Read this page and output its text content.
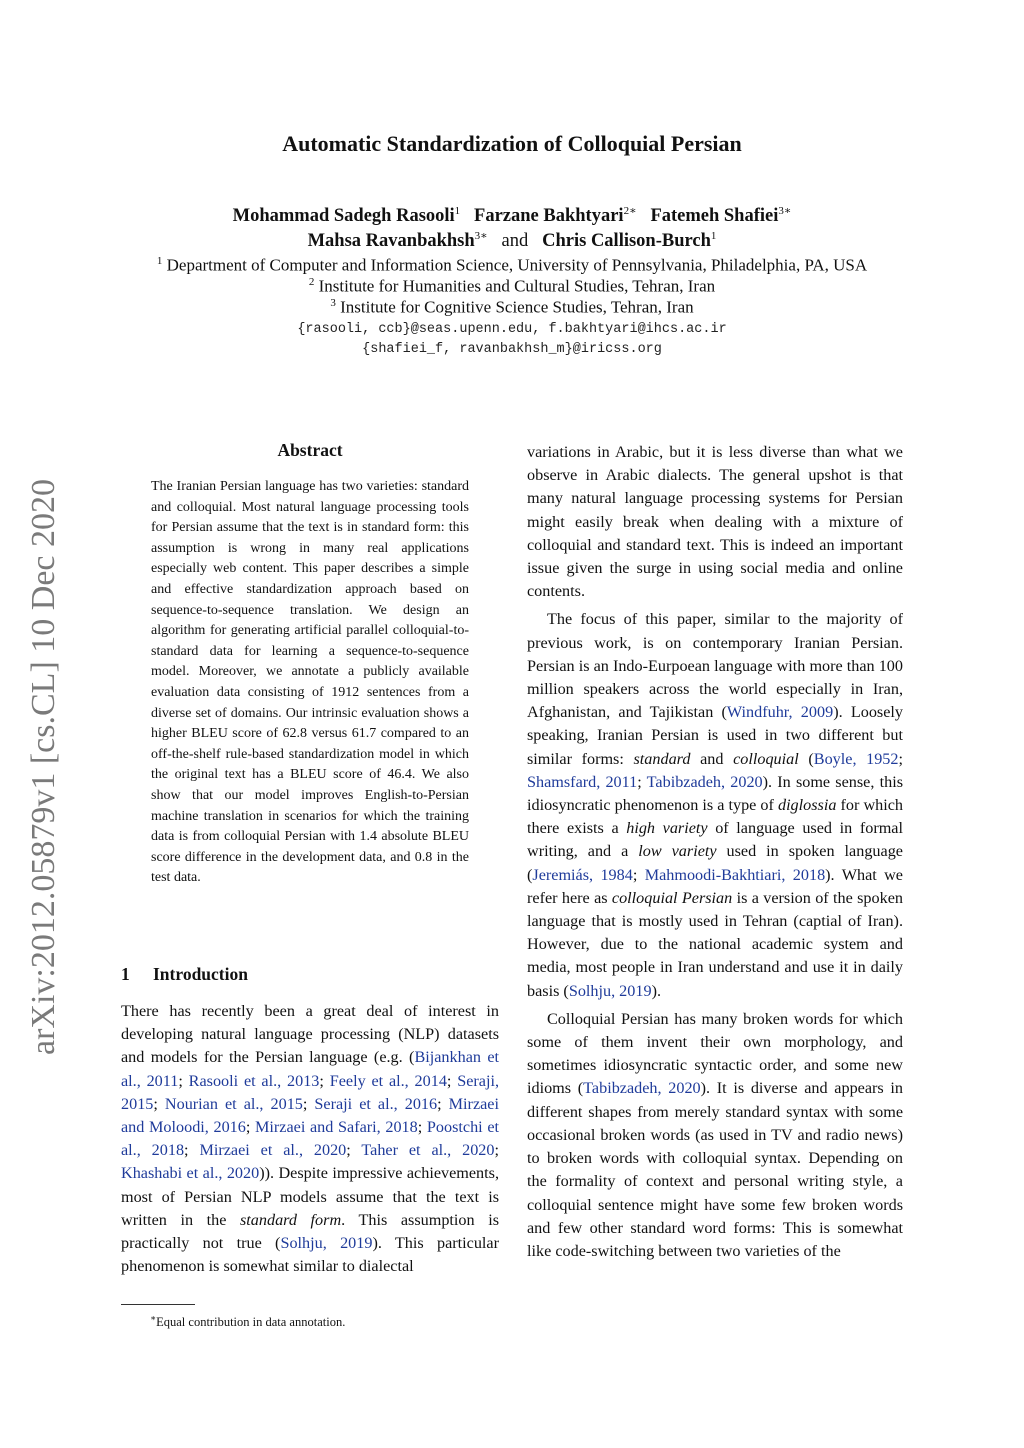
Automatic Standardization of Colloquial Persian
Mohammad Sadegh Rasooli$^1$ Farzane Bakhtyari$^{2∗}$ Fatemeh Shafiei$^{3∗}$
Mahsa Ravanbakhsh$^{3∗}$ and Chris Callison-Burch$^1$
$^1$ Department of Computer and Information Science, University of Pennsylvania, Philadelphia, PA, USA
$^2$ Institute for Humanities and Cultural Studies, Tehran, Iran
$^3$ Institute for Cognitive Science Studies, Tehran, Iran
{rasooli, ccb}@seas.upenn.edu, f.bakhtyari@ihcs.ac.ir
{shafiei_f, ravanbakhsh_m}@iricss.org
arXiv:2012.05879v1 [cs.CL] 10 Dec 2020
Abstract
The Iranian Persian language has two varieties: standard and colloquial. Most natural language processing tools for Persian assume that the text is in standard form: this assumption is wrong in many real applications especially web content. This paper describes a simple and effective standardization approach based on sequence-to-sequence translation. We design an algorithm for generating artificial parallel colloquial-to-standard data for learning a sequence-to-sequence model. Moreover, we annotate a publicly available evaluation data consisting of 1912 sentences from a diverse set of domains. Our intrinsic evaluation shows a higher BLEU score of 62.8 versus 61.7 compared to an off-the-shelf rule-based standardization model in which the original text has a BLEU score of 46.4. We also show that our model improves English-to-Persian machine translation in scenarios for which the training data is from colloquial Persian with 1.4 absolute BLEU score difference in the development data, and 0.8 in the test data.
1 Introduction

There has recently been a great deal of interest in developing natural language processing (NLP) datasets and models for the Persian language (e.g. (Bijankhan et al., 2011; Rasooli et al., 2013; Feely et al., 2014; Seraji, 2015; Nourian et al., 2015; Seraji et al., 2016; Mirzaei and Moloodi, 2016; Mirzaei and Safari, 2018; Poostchi et al., 2018; Mirzaei et al., 2020; Taher et al., 2020; Khashabi et al., 2020)). Despite impressive achievements, most of Persian NLP models assume that the text is written in the standard form. This assumption is practically not true (Solhju, 2019). This particular phenomenon is somewhat similar to dialectal

∗Equal contribution in data annotation.

variations in Arabic, but it is less diverse than what we observe in Arabic dialects. The general upshot is that many natural language processing systems for Persian might easily break when dealing with a mixture of colloquial and standard text. This is indeed an important issue given the surge in using social media and online contents.

The focus of this paper, similar to the majority of previous work, is on contemporary Iranian Persian. Persian is an Indo-Eurpoean language with more than 100 million speakers across the world especially in Iran, Afghanistan, and Tajikistan (Windfuhr, 2009). Loosely speaking, Iranian Persian is used in two different but similar forms: standard and colloquial (Boyle, 1952; Shamsfard, 2011; Tabibzadeh, 2020). In some sense, this idiosyncratic phenomenon is a type of diglossia for which there exists a high variety of language used in formal writing, and a low variety used in spoken language (Jeremiás, 1984; Mahmoodi-Bakhtiari, 2018). What we refer here as colloquial Persian is a version of the spoken language that is mostly used in Tehran (captial of Iran). However, due to the national academic system and media, most people in Iran understand and use it in daily basis (Solhju, 2019).

Colloquial Persian has many broken words for which some of them invent their own morphology, and sometimes idiosyncratic syntactic order, and some new idioms (Tabibzadeh, 2020). It is diverse and appears in different shapes from merely standard syntax with some occasional broken words (as used in TV and radio news) to broken words with colloquial syntax. Depending on the formality of context and personal writing style, a colloquial sentence might have some few broken words and few other standard word forms: This is somewhat like code-switching between two varieties of the
